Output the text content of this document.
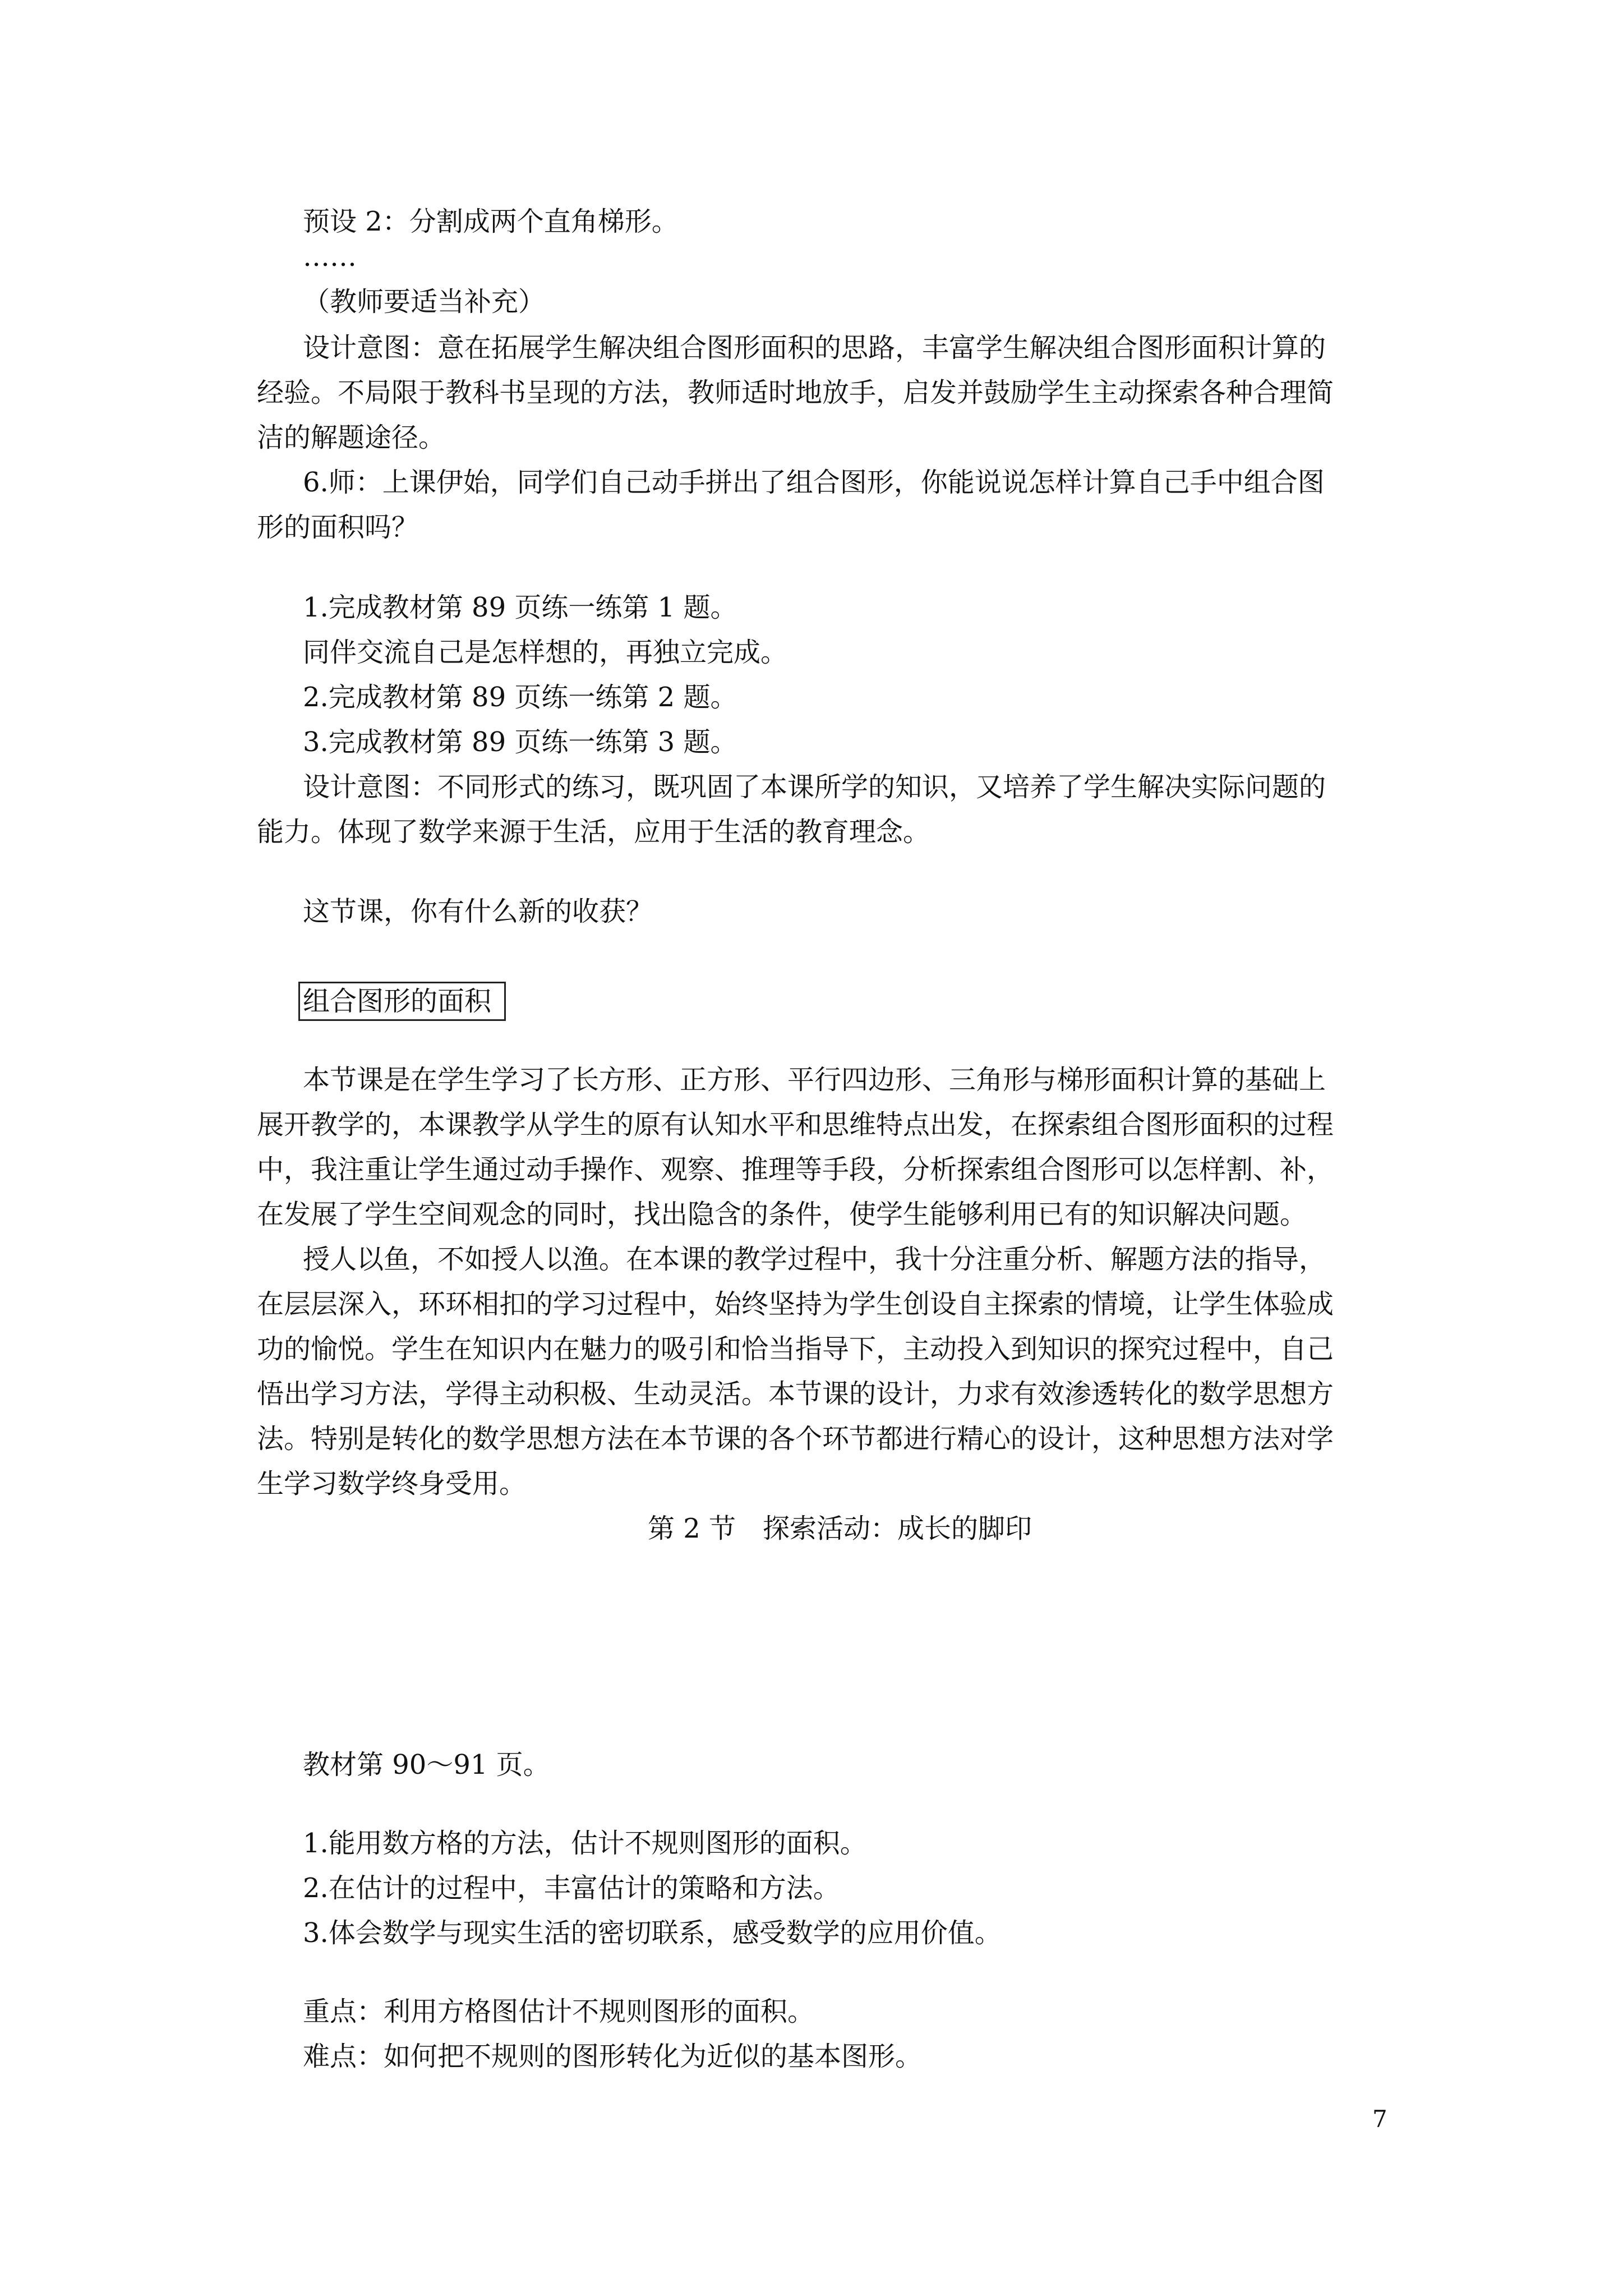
预设 2：分割成两个直角梯形。
……
（教师要适当补充）
设计意图：意在拓展学生解决组合图形面积的思路，丰富学生解决组合图形面积计算的
经验。不局限于教科书呈现的方法，教师适时地放手，启发并鼓励学生主动探索各种合理简
洁的解题途径。
6.师：上课伊始，同学们自己动手拼出了组合图形，你能说说怎样计算自己手中组合图
形的面积吗？
1.完成教材第 89 页练一练第 1 题。
同伴交流自己是怎样想的，再独立完成。
2.完成教材第 89 页练一练第 2 题。
3.完成教材第 89 页练一练第 3 题。
设计意图：不同形式的练习，既巩固了本课所学的知识，又培养了学生解决实际问题的
能力。体现了数学来源于生活，应用于生活的教育理念。
这节课，你有什么新的收获？
组合图形的面积
本节课是在学生学习了长方形、正方形、平行四边形、三角形与梯形面积计算的基础上
展开教学的，本课教学从学生的原有认知水平和思维特点出发，在探索组合图形面积的过程
中，我注重让学生通过动手操作、观察、推理等手段，分析探索组合图形可以怎样割、补，
在发展了学生空间观念的同时，找出隐含的条件，使学生能够利用已有的知识解决问题。
授人以鱼，不如授人以渔。在本课的教学过程中，我十分注重分析、解题方法的指导，
在层层深入，环环相扣的学习过程中，始终坚持为学生创设自主探索的情境，让学生体验成
功的愉悦。学生在知识内在魅力的吸引和恰当指导下，主动投入到知识的探究过程中，自己
悟出学习方法，学得主动积极、生动灵活。本节课的设计，力求有效渗透转化的数学思想方
法。特别是转化的数学思想方法在本节课的各个环节都进行精心的设计，这种思想方法对学
生学习数学终身受用。
第 2 节　探索活动：成长的脚印
教材第 90～91 页。
1.能用数方格的方法，估计不规则图形的面积。
2.在估计的过程中，丰富估计的策略和方法。
3.体会数学与现实生活的密切联系，感受数学的应用价值。
重点：利用方格图估计不规则图形的面积。
难点：如何把不规则的图形转化为近似的基本图形。
7
